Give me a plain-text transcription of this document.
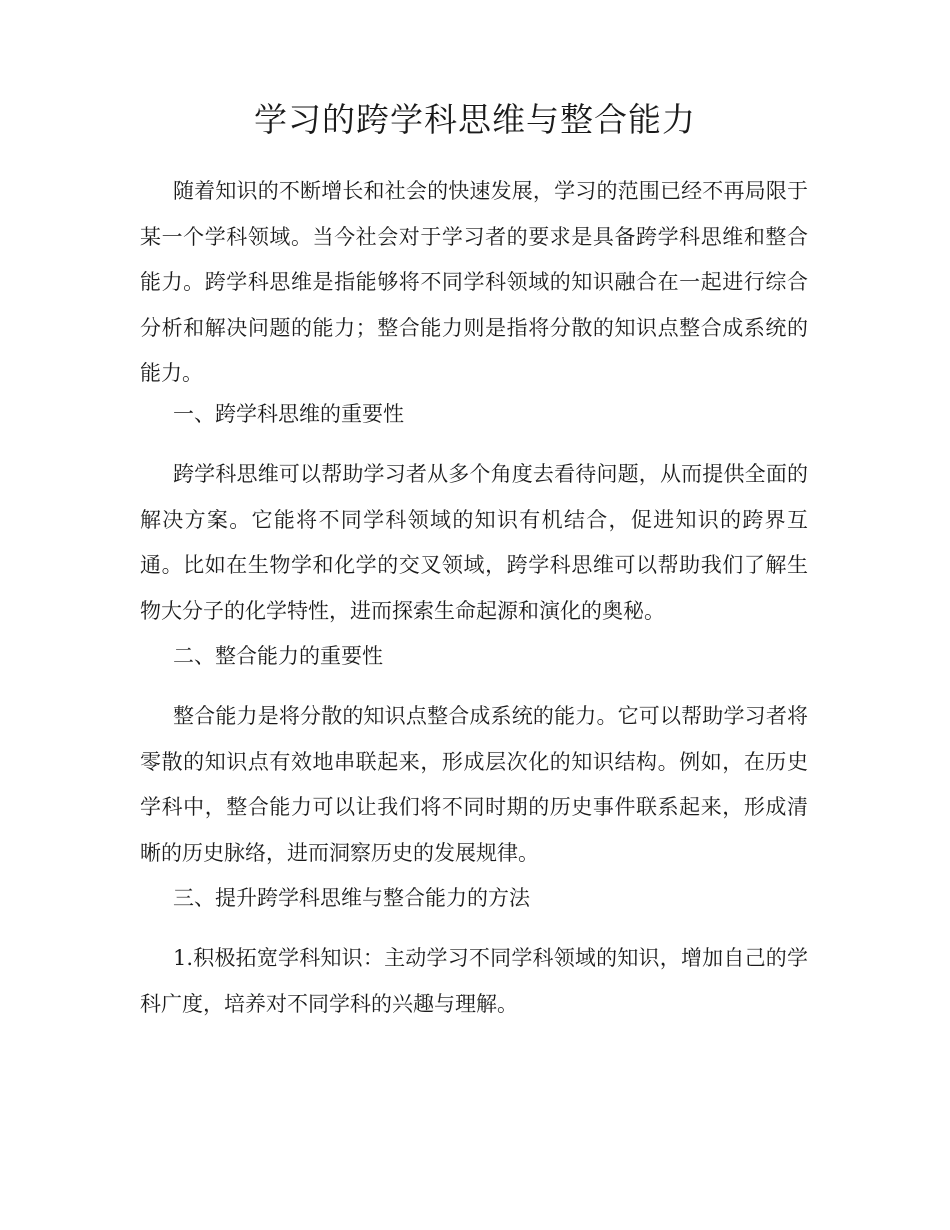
学习的跨学科思维与整合能力

随着知识的不断增长和社会的快速发展，学习的范围已经不再局限于某一个学科领域。当今社会对于学习者的要求是具备跨学科思维和整合能力。跨学科思维是指能够将不同学科领域的知识融合在一起进行综合分析和解决问题的能力；整合能力则是指将分散的知识点整合成系统的能力。

一、跨学科思维的重要性

跨学科思维可以帮助学习者从多个角度去看待问题，从而提供全面的解决方案。它能将不同学科领域的知识有机结合，促进知识的跨界互通。比如在生物学和化学的交叉领域，跨学科思维可以帮助我们了解生物大分子的化学特性，进而探索生命起源和演化的奥秘。

二、整合能力的重要性

整合能力是将分散的知识点整合成系统的能力。它可以帮助学习者将零散的知识点有效地串联起来，形成层次化的知识结构。例如，在历史学科中，整合能力可以让我们将不同时期的历史事件联系起来，形成清晰的历史脉络，进而洞察历史的发展规律。

三、提升跨学科思维与整合能力的方法

1.积极拓宽学科知识：主动学习不同学科领域的知识，增加自己的学科广度，培养对不同学科的兴趣与理解。
